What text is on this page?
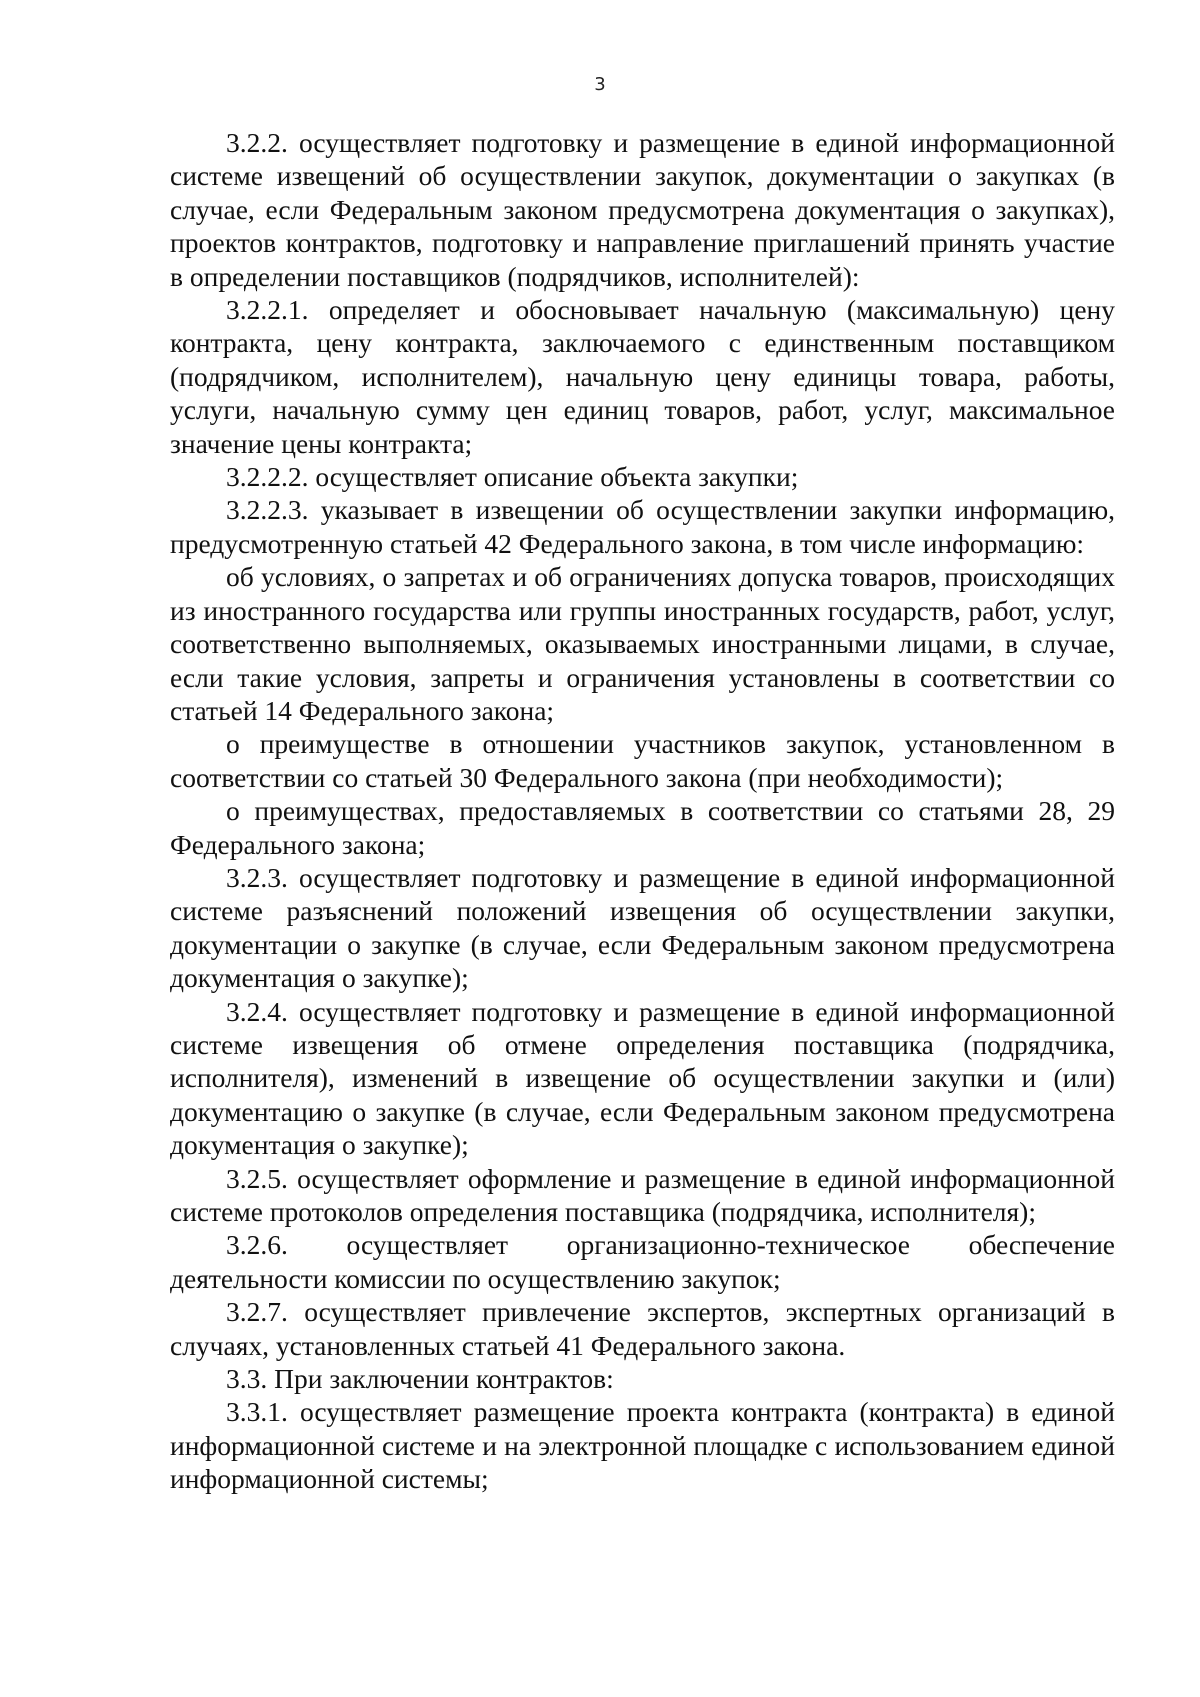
3

3.2.2. осуществляет подготовку и размещение в единой информационной системе извещений об осуществлении закупок, документации о закупках (в случае, если Федеральным законом предусмотрена документация о закупках), проектов контрактов, подготовку и направление приглашений принять участие в определении поставщиков (подрядчиков, исполнителей):

3.2.2.1. определяет и обосновывает начальную (максимальную) цену контракта, цену контракта, заключаемого с единственным поставщиком (подрядчиком, исполнителем), начальную цену единицы товара, работы, услуги, начальную сумму цен единиц товаров, работ, услуг, максимальное значение цены контракта;

3.2.2.2. осуществляет описание объекта закупки;

3.2.2.3. указывает в извещении об осуществлении закупки информацию, предусмотренную статьей 42 Федерального закона, в том числе информацию:

об условиях, о запретах и об ограничениях допуска товаров, происходящих из иностранного государства или группы иностранных государств, работ, услуг, соответственно выполняемых, оказываемых иностранными лицами, в случае, если такие условия, запреты и ограничения установлены в соответствии со статьей 14 Федерального закона;

о преимуществе в отношении участников закупок, установленном в соответствии со статьей 30 Федерального закона (при необходимости);

о преимуществах, предоставляемых в соответствии со статьями 28, 29 Федерального закона;

3.2.3. осуществляет подготовку и размещение в единой информационной системе разъяснений положений извещения об осуществлении закупки, документации о закупке (в случае, если Федеральным законом предусмотрена документация о закупке);

3.2.4. осуществляет подготовку и размещение в единой информационной системе извещения об отмене определения поставщика (подрядчика, исполнителя), изменений в извещение об осуществлении закупки и (или) документацию о закупке (в случае, если Федеральным законом предусмотрена документация о закупке);

3.2.5. осуществляет оформление и размещение в единой информационной системе протоколов определения поставщика (подрядчика, исполнителя);

3.2.6. осуществляет организационно-техническое обеспечение деятельности комиссии по осуществлению закупок;

3.2.7. осуществляет привлечение экспертов, экспертных организаций в случаях, установленных статьей 41 Федерального закона.

3.3. При заключении контрактов:

3.3.1. осуществляет размещение проекта контракта (контракта) в единой информационной системе и на электронной площадке с использованием единой информационной системы;
